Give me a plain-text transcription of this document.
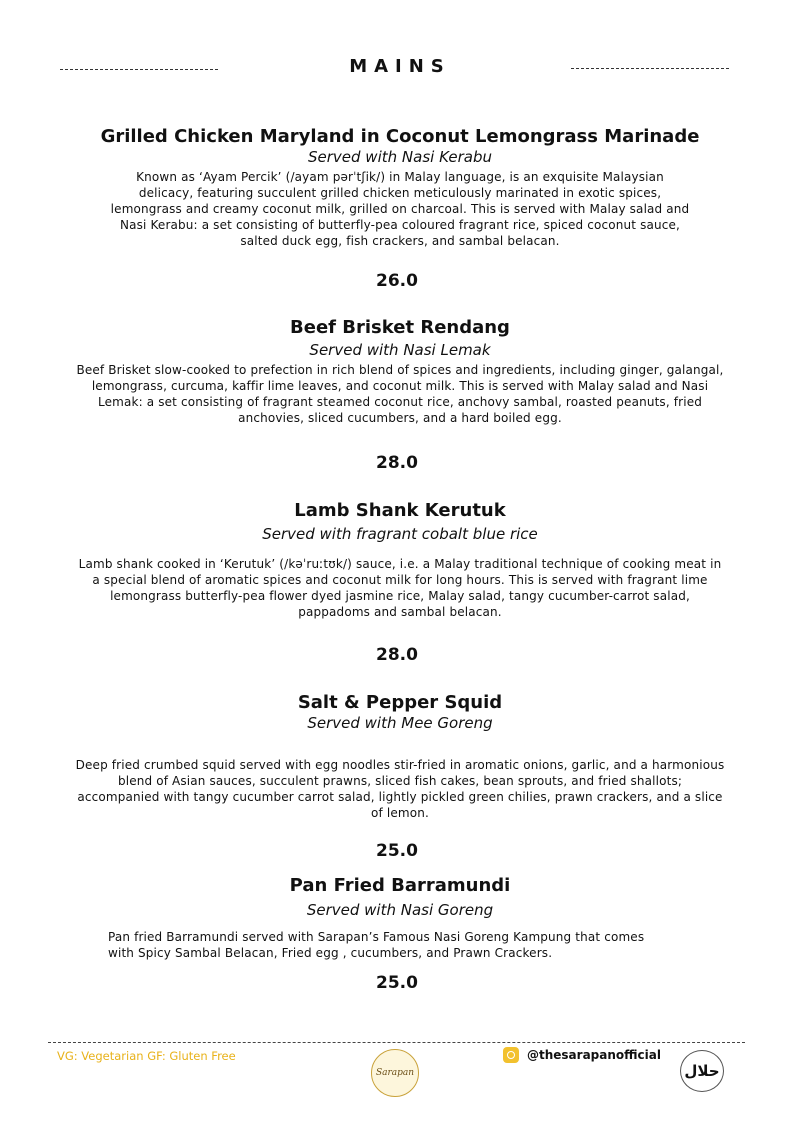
MAINS
Grilled Chicken Maryland in Coconut Lemongrass Marinade
Served with Nasi Kerabu
Known as ‘Ayam Percik’ (/ayam pərˈtʃik/) in Malay language, is an exquisite Malaysian delicacy, featuring succulent grilled chicken meticulously marinated in exotic spices, lemongrass and creamy coconut milk, grilled on charcoal. This is served with Malay salad and Nasi Kerabu: a set consisting of butterfly-pea coloured fragrant rice, spiced coconut sauce, salted duck egg, fish crackers, and sambal belacan.
26.0
Beef Brisket Rendang
Served with Nasi Lemak
Beef Brisket slow-cooked to prefection in rich blend of spices and ingredients, including ginger, galangal, lemongrass, curcuma, kaffir lime leaves, and coconut milk. This is served with Malay salad and Nasi Lemak: a set consisting of fragrant steamed coconut rice, anchovy sambal, roasted peanuts, fried anchovies, sliced cucumbers, and a hard boiled egg.
28.0
Lamb Shank Kerutuk
Served with fragrant cobalt blue rice
Lamb shank cooked in ‘Kerutuk’ (/kəˈruːtʊk/) sauce, i.e. a Malay traditional technique of cooking meat in a special blend of aromatic spices and coconut milk for long hours. This is served with fragrant lime lemongrass butterfly-pea flower dyed jasmine rice, Malay salad, tangy cucumber-carrot salad, pappadoms and sambal belacan.
28.0
Salt & Pepper Squid
Served with Mee Goreng
Deep fried crumbed squid served with egg noodles stir-fried in aromatic onions, garlic, and a harmonious blend of Asian sauces, succulent prawns, sliced fish cakes, bean sprouts, and fried shallots; accompanied with tangy cucumber carrot salad, lightly pickled green chilies, prawn crackers, and a slice of lemon.
25.0
Pan Fried Barramundi
Served with Nasi Goreng
Pan fried Barramundi served with Sarapan’s Famous Nasi Goreng Kampung that comes with Spicy Sambal Belacan, Fried egg , cucumbers, and Prawn Crackers.
25.0
VG: Vegetarian GF: Gluten Free
Sarapan
@thesarapanofficial
حلال
